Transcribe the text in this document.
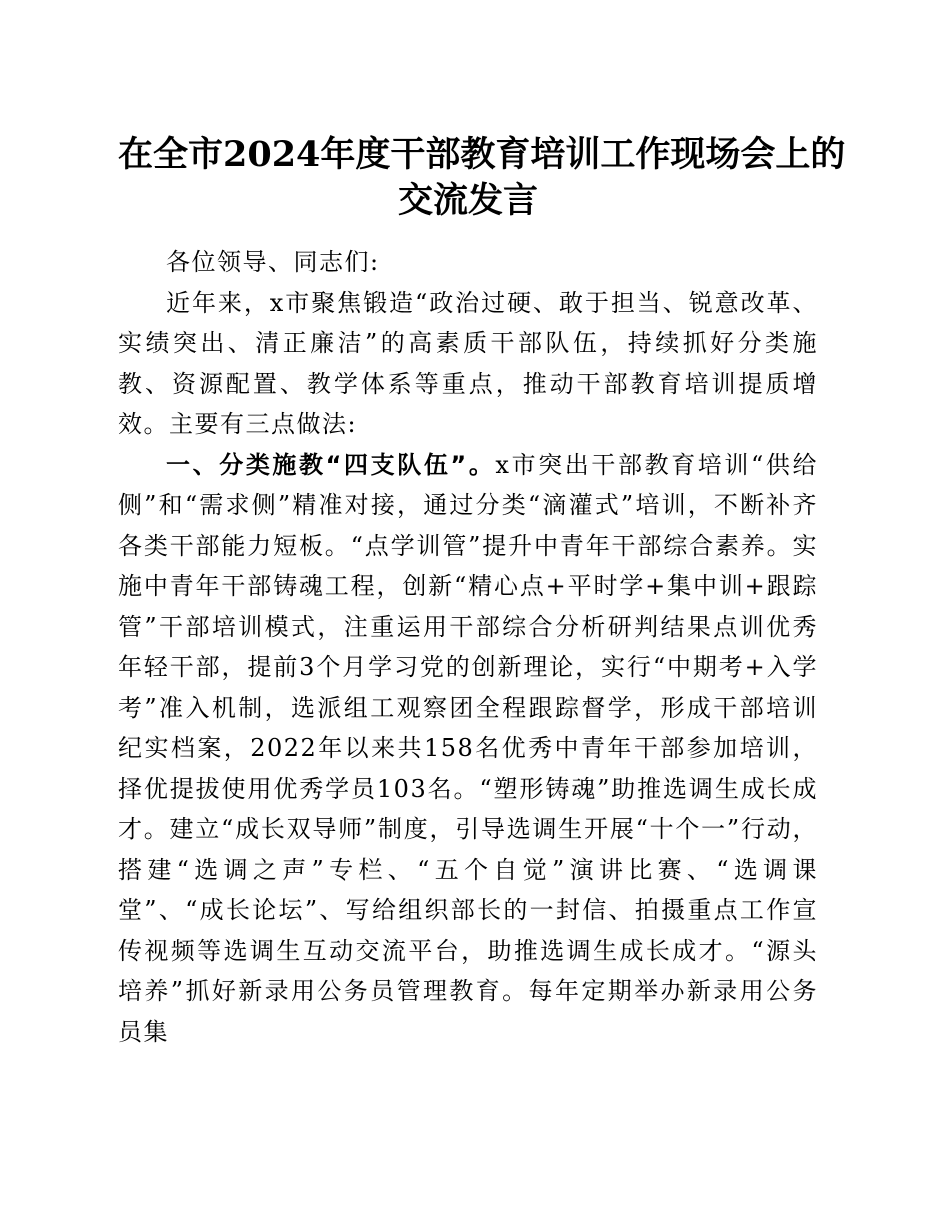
在全市2024年度干部教育培训工作现场会上的
交流发言

各位领导、同志们:

近年来，x市聚焦锻造“政治过硬、敢于担当、锐意改革、实绩突出、清正廉洁”的高素质干部队伍，持续抓好分类施教、资源配置、教学体系等重点，推动干部教育培训提质增效。主要有三点做法:

一、分类施教“四支队伍”。x市突出干部教育培训“供给侧”和“需求侧”精准对接，通过分类“滴灌式”培训，不断补齐各类干部能力短板。“点学训管”提升中青年干部综合素养。实施中青年干部铸魂工程，创新“精心点+平时学+集中训+跟踪管”干部培训模式，注重运用干部综合分析研判结果点训优秀年轻干部，提前3个月学习党的创新理论，实行“中期考+入学考”准入机制，选派组工观察团全程跟踪督学，形成干部培训纪实档案，2022年以来共158名优秀中青年干部参加培训，择优提拔使用优秀学员103名。“塑形铸魂”助推选调生成长成才。建立“成长双导师”制度，引导选调生开展“十个一”行动，搭建“选调之声”专栏、“五个自觉”演讲比赛、“选调课堂”、“成长论坛”、写给组织部长的一封信、拍摄重点工作宣传视频等选调生互动交流平台，助推选调生成长成才。“源头培养”抓好新录用公务员管理教育。每年定期举办新录用公务员集
